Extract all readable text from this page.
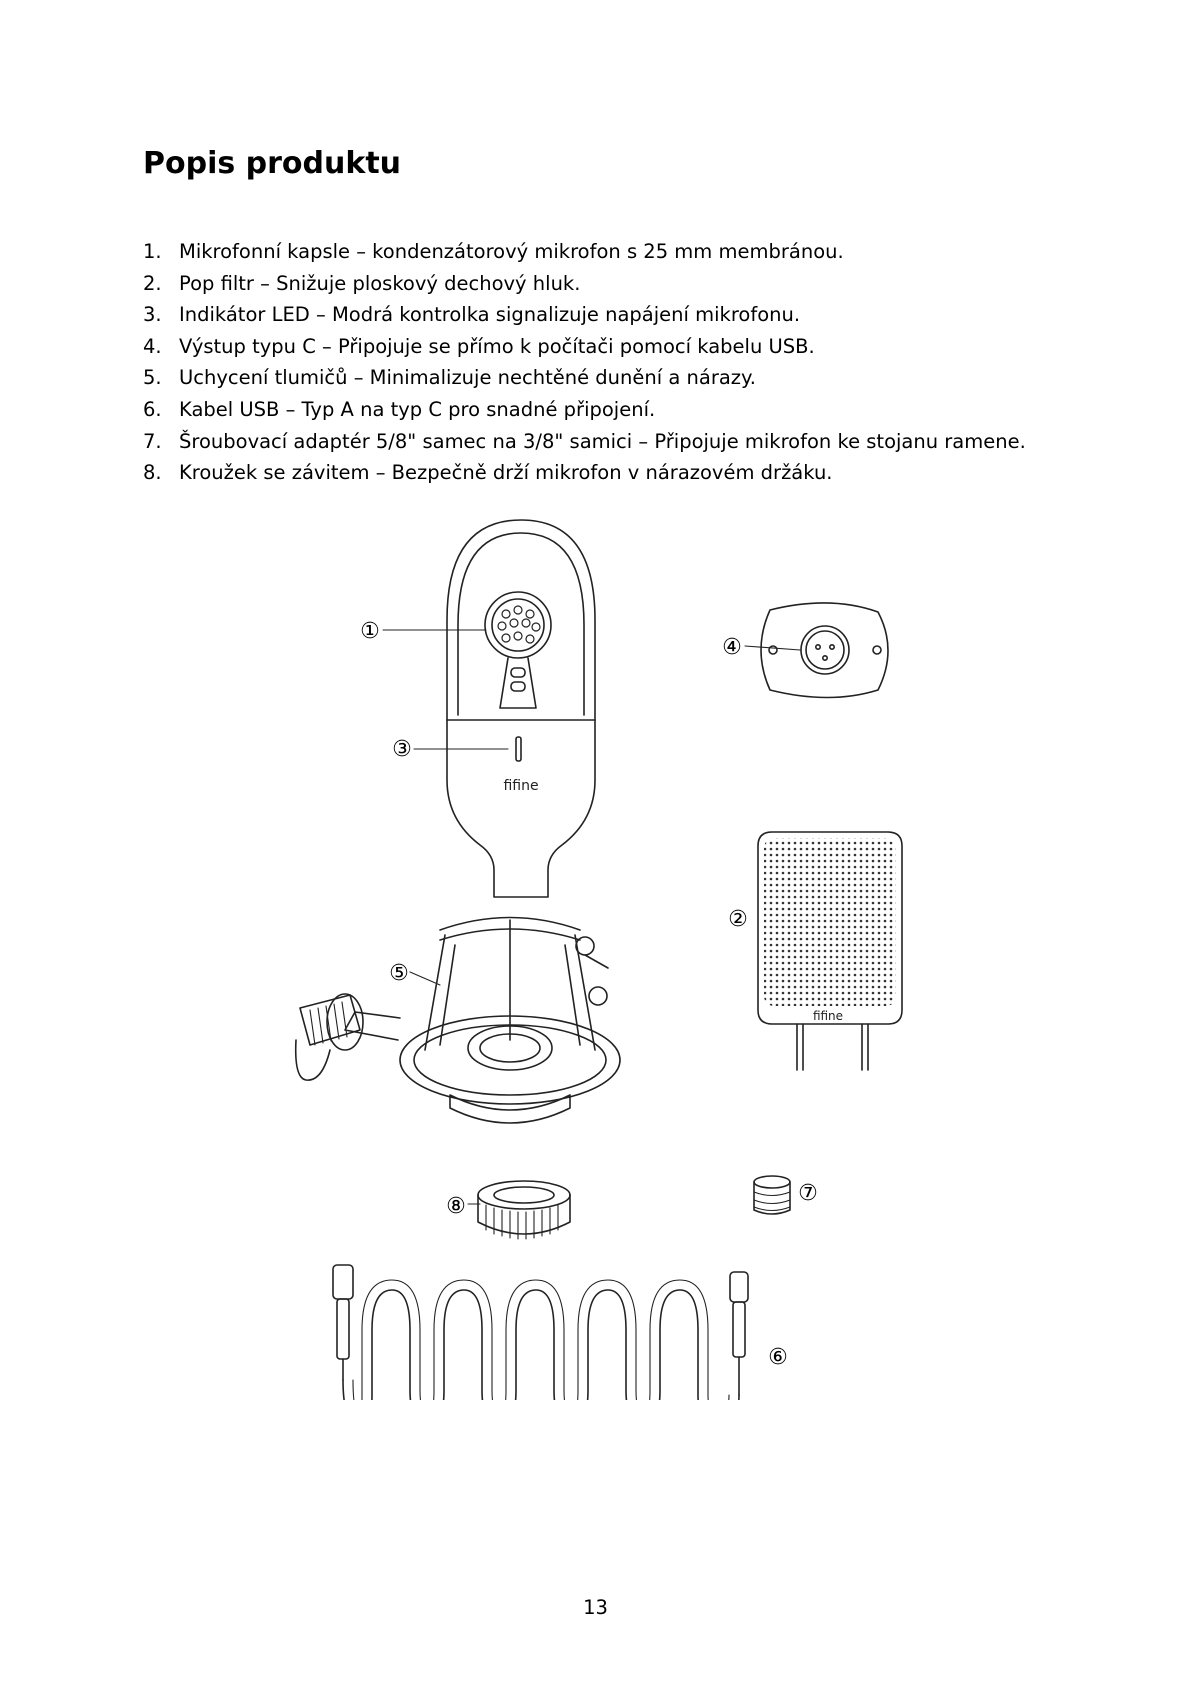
Popis produktu
1. Mikrofonní kapsle – kondenzátorový mikrofon s 25 mm membránou.
2. Pop filtr – Snižuje ploskový dechový hluk.
3. Indikátor LED – Modrá kontrolka signalizuje napájení mikrofonu.
4. Výstup typu C – Připojuje se přímo k počítači pomocí kabelu USB.
5. Uchycení tlumičů – Minimalizuje nechtěné dunění a nárazy.
6. Kabel USB – Typ A na typ C pro snadné připojení.
7. Šroubovací adaptér 5/8" samec na 3/8" samici – Připojuje mikrofon ke stojanu ramene.
8. Kroužek se závitem – Bezpečně drží mikrofon v nárazovém držáku.
fifine
fifine
①
②
③
④
⑤
⑥
⑦
⑧
13
